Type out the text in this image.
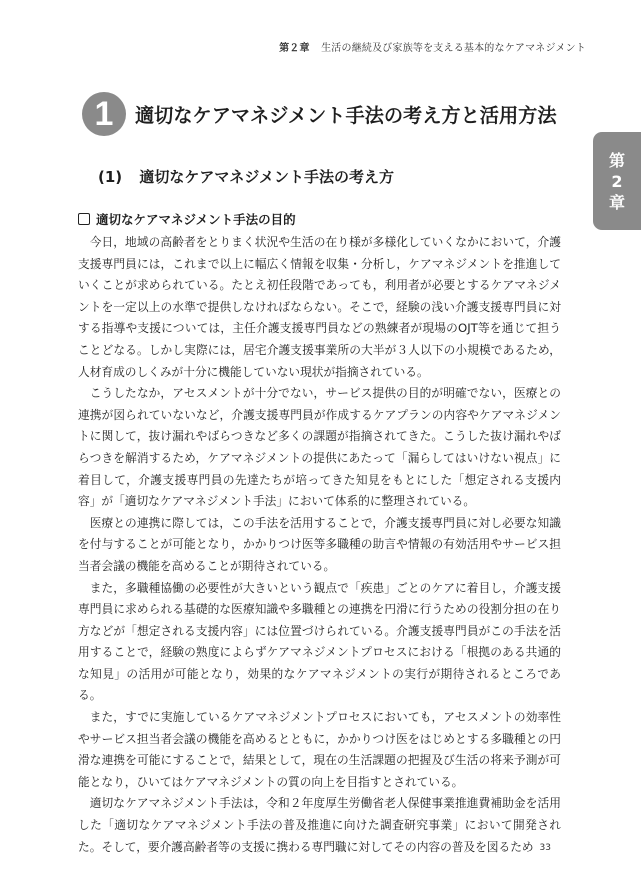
第２章 生活の継続及び家族等を支える基本的なケアマネジメント
第
2
章
1	適切なケアマネジメント手法の考え方と活用方法
(1) 適切なケアマネジメント手法の考え方
適切なケアマネジメント手法の目的

今日，地域の高齢者をとりまく状況や生活の在り様が多様化していくなかにおいて，介護支援専門員には，これまで以上に幅広く情報を収集・分析し，ケアマネジメントを推進していくことが求められている。たとえ初任段階であっても，利用者が必要とするケアマネジメントを一定以上の水準で提供しなければならない。そこで，経験の浅い介護支援専門員に対する指導や支援については，主任介護支援専門員などの熟練者が現場のOJT等を通じて担うことどなる。しかし実際には，居宅介護支援事業所の大半が３人以下の小規模であるため，人材育成のしくみが十分に機能していない現状が指摘されている。

こうしたなか，アセスメントが十分でない，サービス提供の目的が明確でない，医療との連携が図られていないなど，介護支援専門員が作成するケアプランの内容やケアマネジメントに関して，抜け漏れやばらつきなど多くの課題が指摘されてきた。こうした抜け漏れやばらつきを解消するため，ケアマネジメントの提供にあたって「漏らしてはいけない視点」に着目して，介護支援専門員の先達たちが培ってきた知見をもとにした「想定される支援内容」が「適切なケアマネジメント手法」において体系的に整理されている。

医療との連携に際しては，この手法を活用することで，介護支援専門員に対し必要な知識を付与することが可能となり，かかりつけ医等多職種の助言や情報の有効活用やサービス担当者会議の機能を高めることが期待されている。

また，多職種協働の必要性が大きいという観点で「疾患」ごとのケアに着目し，介護支援専門員に求められる基礎的な医療知識や多職種との連携を円滑に行うための役割分担の在り方などが「想定される支援内容」には位置づけられている。介護支援専門員がこの手法を活用することで，経験の熟度によらずケアマネジメントプロセスにおける「根拠のある共通的な知見」の活用が可能となり，効果的なケアマネジメントの実行が期待されるところである。

また，すでに実施しているケアマネジメントプロセスにおいても，アセスメントの効率性やサービス担当者会議の機能を高めるとともに，かかりつけ医をはじめとする多職種との円滑な連携を可能にすることで，結果として，現在の生活課題の把握及び生活の将来予測が可能となり，ひいてはケアマネジメントの質の向上を目指すとされている。

適切なケアマネジメント手法は，令和２年度厚生労働省老人保健事業推進費補助金を活用した「適切なケアマネジメント手法の普及推進に向けた調査研究事業」において開発された。そして，要介護高齢者等の支援に携わる専門職に対してその内容の普及を図るため 33
